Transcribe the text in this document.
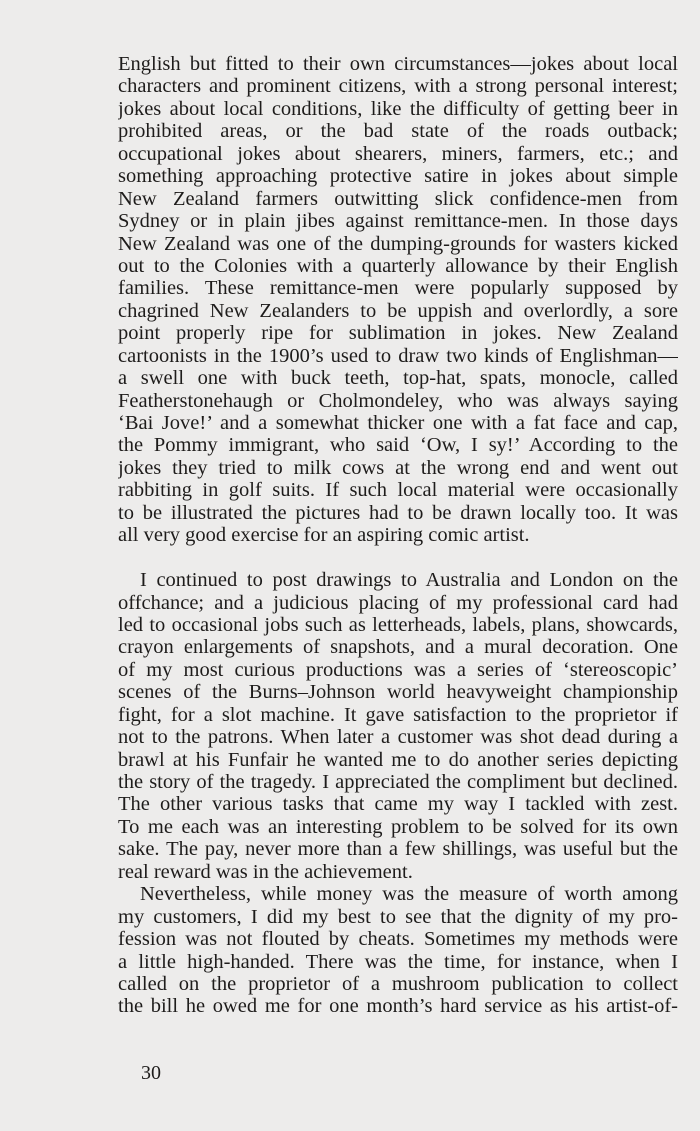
English but fitted to their own circumstances—jokes about local
characters and prominent citizens, with a strong personal interest;
jokes about local conditions, like the difficulty of getting beer in
prohibited areas, or the bad state of the roads outback;
occupational jokes about shearers, miners, farmers, etc.; and
something approaching protective satire in jokes about simple
New Zealand farmers outwitting slick confidence-men from
Sydney or in plain jibes against remittance-men. In those days
New Zealand was one of the dumping-grounds for wasters kicked
out to the Colonies with a quarterly allowance by their English
families. These remittance-men were popularly supposed by
chagrined New Zealanders to be uppish and overlordly, a sore
point properly ripe for sublimation in jokes. New Zealand
cartoonists in the 1900’s used to draw two kinds of Englishman—
a swell one with buck teeth, top-hat, spats, monocle, called
Featherstonehaugh or Cholmondeley, who was always saying
‘Bai Jove!’ and a somewhat thicker one with a fat face and cap,
the Pommy immigrant, who said ‘Ow, I sy!’ According to the
jokes they tried to milk cows at the wrong end and went out
rabbiting in golf suits. If such local material were occasionally
to be illustrated the pictures had to be drawn locally too. It was
all very good exercise for an aspiring comic artist.
I continued to post drawings to Australia and London on the
offchance; and a judicious placing of my professional card had
led to occasional jobs such as letterheads, labels, plans, showcards,
crayon enlargements of snapshots, and a mural decoration. One
of my most curious productions was a series of ‘stereoscopic’
scenes of the Burns–Johnson world heavyweight championship
fight, for a slot machine. It gave satisfaction to the proprietor if
not to the patrons. When later a customer was shot dead during a
brawl at his Funfair he wanted me to do another series depicting
the story of the tragedy. I appreciated the compliment but declined.
The other various tasks that came my way I tackled with zest.
To me each was an interesting problem to be solved for its own
sake. The pay, never more than a few shillings, was useful but the
real reward was in the achievement.
Nevertheless, while money was the measure of worth among
my customers, I did my best to see that the dignity of my pro-
fession was not flouted by cheats. Sometimes my methods were
a little high-handed. There was the time, for instance, when I
called on the proprietor of a mushroom publication to collect
the bill he owed me for one month’s hard service as his artist-of-
30
